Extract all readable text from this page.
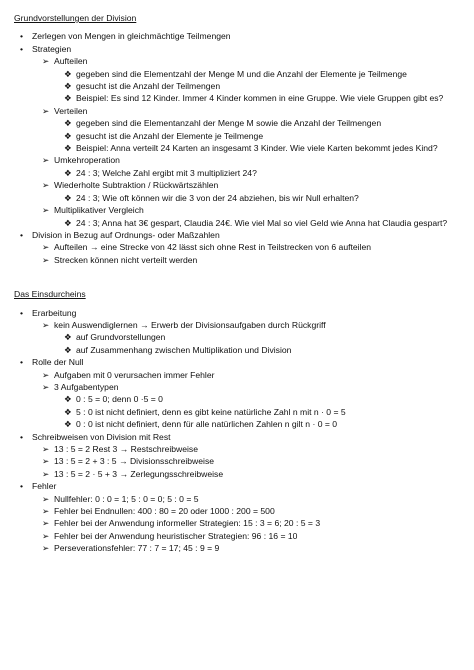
Grundvorstellungen der Division
•	Zerlegen von Mengen in gleichmächtige Teilmengen
•	Strategien
➢ Aufteilen
❖ gegeben sind die Elementzahl der Menge M und die Anzahl der Elemente je Teilmenge
❖ gesucht ist die Anzahl der Teilmengen
❖ Beispiel: Es sind 12 Kinder. Immer 4 Kinder kommen in eine Gruppe. Wie viele Gruppen gibt es?
➢ Verteilen
❖ gegeben sind die Elementanzahl der Menge M sowie die Anzahl der Teilmengen
❖ gesucht ist die Anzahl der Elemente je Teilmenge
❖ Beispiel: Anna verteilt 24 Karten an insgesamt 3 Kinder. Wie viele Karten bekommt jedes Kind?
➢ Umkehroperation
❖ 24 : 3; Welche Zahl ergibt mit 3 multipliziert 24?
➢ Wiederholte Subtraktion / Rückwärtszählen
❖ 24 : 3; Wie oft können wir die 3 von der 24 abziehen, bis wir Null erhalten?
➢ Multiplikativer Vergleich
❖ 24 : 3; Anna hat 3€ gespart, Claudia 24€. Wie viel Mal so viel Geld wie Anna hat Claudia gespart?
•	Division in Bezug auf Ordnungs- oder Maßzahlen
➢ Aufteilen → eine Strecke von 42 lässt sich ohne Rest in Teilstrecken von 6 aufteilen
➢ Strecken können nicht verteilt werden
Das Einsdurcheins
•	Erarbeitung
➢ kein Auswendiglernen → Erwerb der Divisionsaufgaben durch Rückgriff
❖ auf Grundvorstellungen
❖ auf Zusammenhang zwischen Multiplikation und Division
•	Rolle der Null
➢ Aufgaben mit 0 verursachen immer Fehler
➢ 3 Aufgabentypen
❖ 0 : 5 = 0; denn 0 ·5 = 0
❖ 5 : 0 ist nicht definiert, denn es gibt keine natürliche Zahl n mit n · 0 = 5
❖ 0 : 0 ist nicht definiert, denn für alle natürlichen Zahlen n gilt n · 0 = 0
•	Schreibweisen von Division mit Rest
➢ 13 : 5 = 2 Rest 3 → Restschreibweise
➢ 13 : 5 = 2 + 3 : 5 → Divisionsschreibweise
➢ 13 : 5 = 2 · 5 + 3 → Zerlegungsschreibweise
•	Fehler
➢ Nullfehler: 0 : 0 = 1; 5 : 0 = 0; 5 : 0 = 5
➢ Fehler bei Endnullen: 400 : 80 = 20 oder 1000 : 200 = 500
➢ Fehler bei der Anwendung informeller Strategien: 15 : 3 = 6; 20 : 5 = 3
➢ Fehler bei der Anwendung heuristischer Strategien: 96 : 16 = 10
➢ Perseverationsfehler: 77 : 7 = 17; 45 : 9 = 9
